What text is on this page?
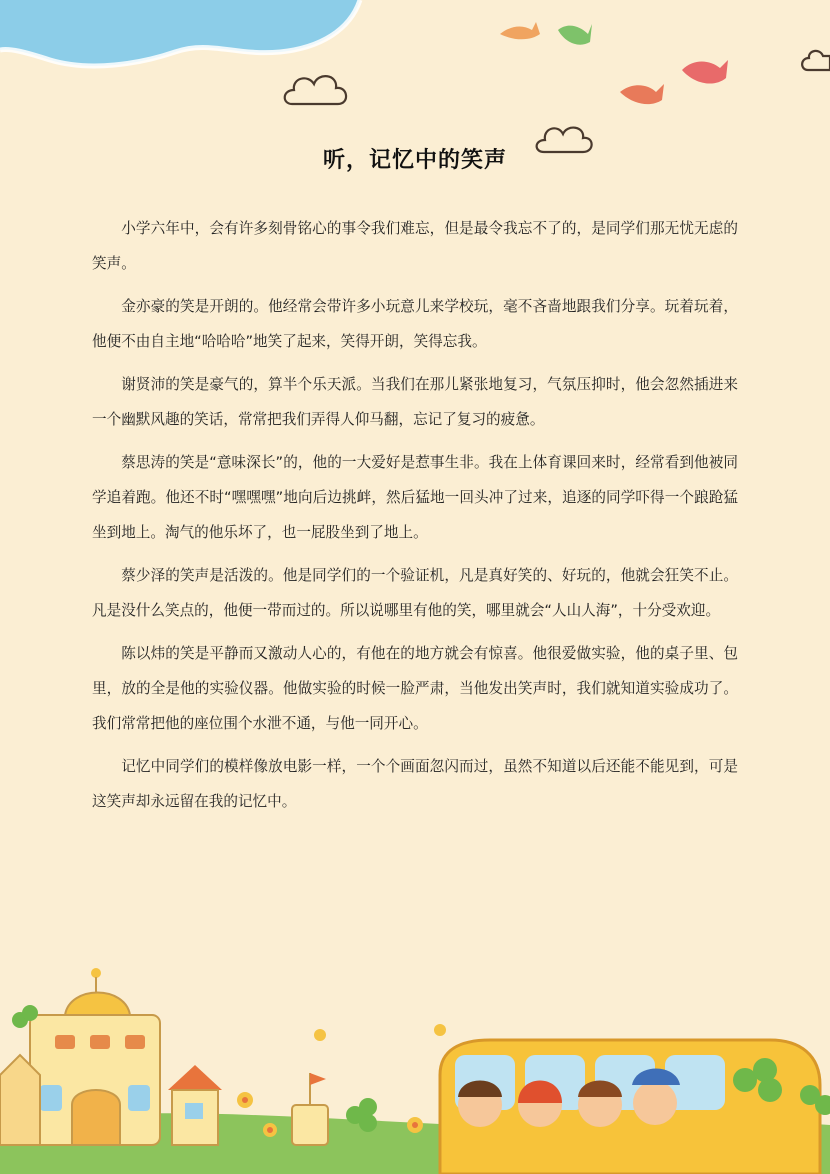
听，记忆中的笑声

小学六年中，会有许多刻骨铭心的事令我们难忘，但是最令我忘不了的，是同学们那无忧无虑的笑声。

金亦豪的笑是开朗的。他经常会带许多小玩意儿来学校玩，毫不吝啬地跟我们分享。玩着玩着，他便不由自主地“哈哈哈”地笑了起来，笑得开朗，笑得忘我。

谢贤沛的笑是豪气的，算半个乐天派。当我们在那儿紧张地复习，气氛压抑时，他会忽然插进来一个幽默风趣的笑话，常常把我们弄得人仰马翻，忘记了复习的疲惫。

蔡思涛的笑是“意味深长”的，他的一大爱好是惹事生非。我在上体育课回来时，经常看到他被同学追着跑。他还不时“嘿嘿嘿”地向后边挑衅，然后猛地一回头冲了过来，追逐的同学吓得一个踉跄猛坐到地上。淘气的他乐坏了，也一屁股坐到了地上。

蔡少泽的笑声是活泼的。他是同学们的一个验证机，凡是真好笑的、好玩的，他就会狂笑不止。凡是没什么笑点的，他便一带而过的。所以说哪里有他的笑，哪里就会“人山人海”，十分受欢迎。

陈以炜的笑是平静而又激动人心的，有他在的地方就会有惊喜。他很爱做实验，他的桌子里、包里，放的全是他的实验仪器。他做实验的时候一脸严肃，当他发出笑声时，我们就知道实验成功了。我们常常把他的座位围个水泄不通，与他一同开心。

记忆中同学们的模样像放电影一样，一个个画面忽闪而过，虽然不知道以后还能不能见到，可是这笑声却永远留在我的记忆中。
